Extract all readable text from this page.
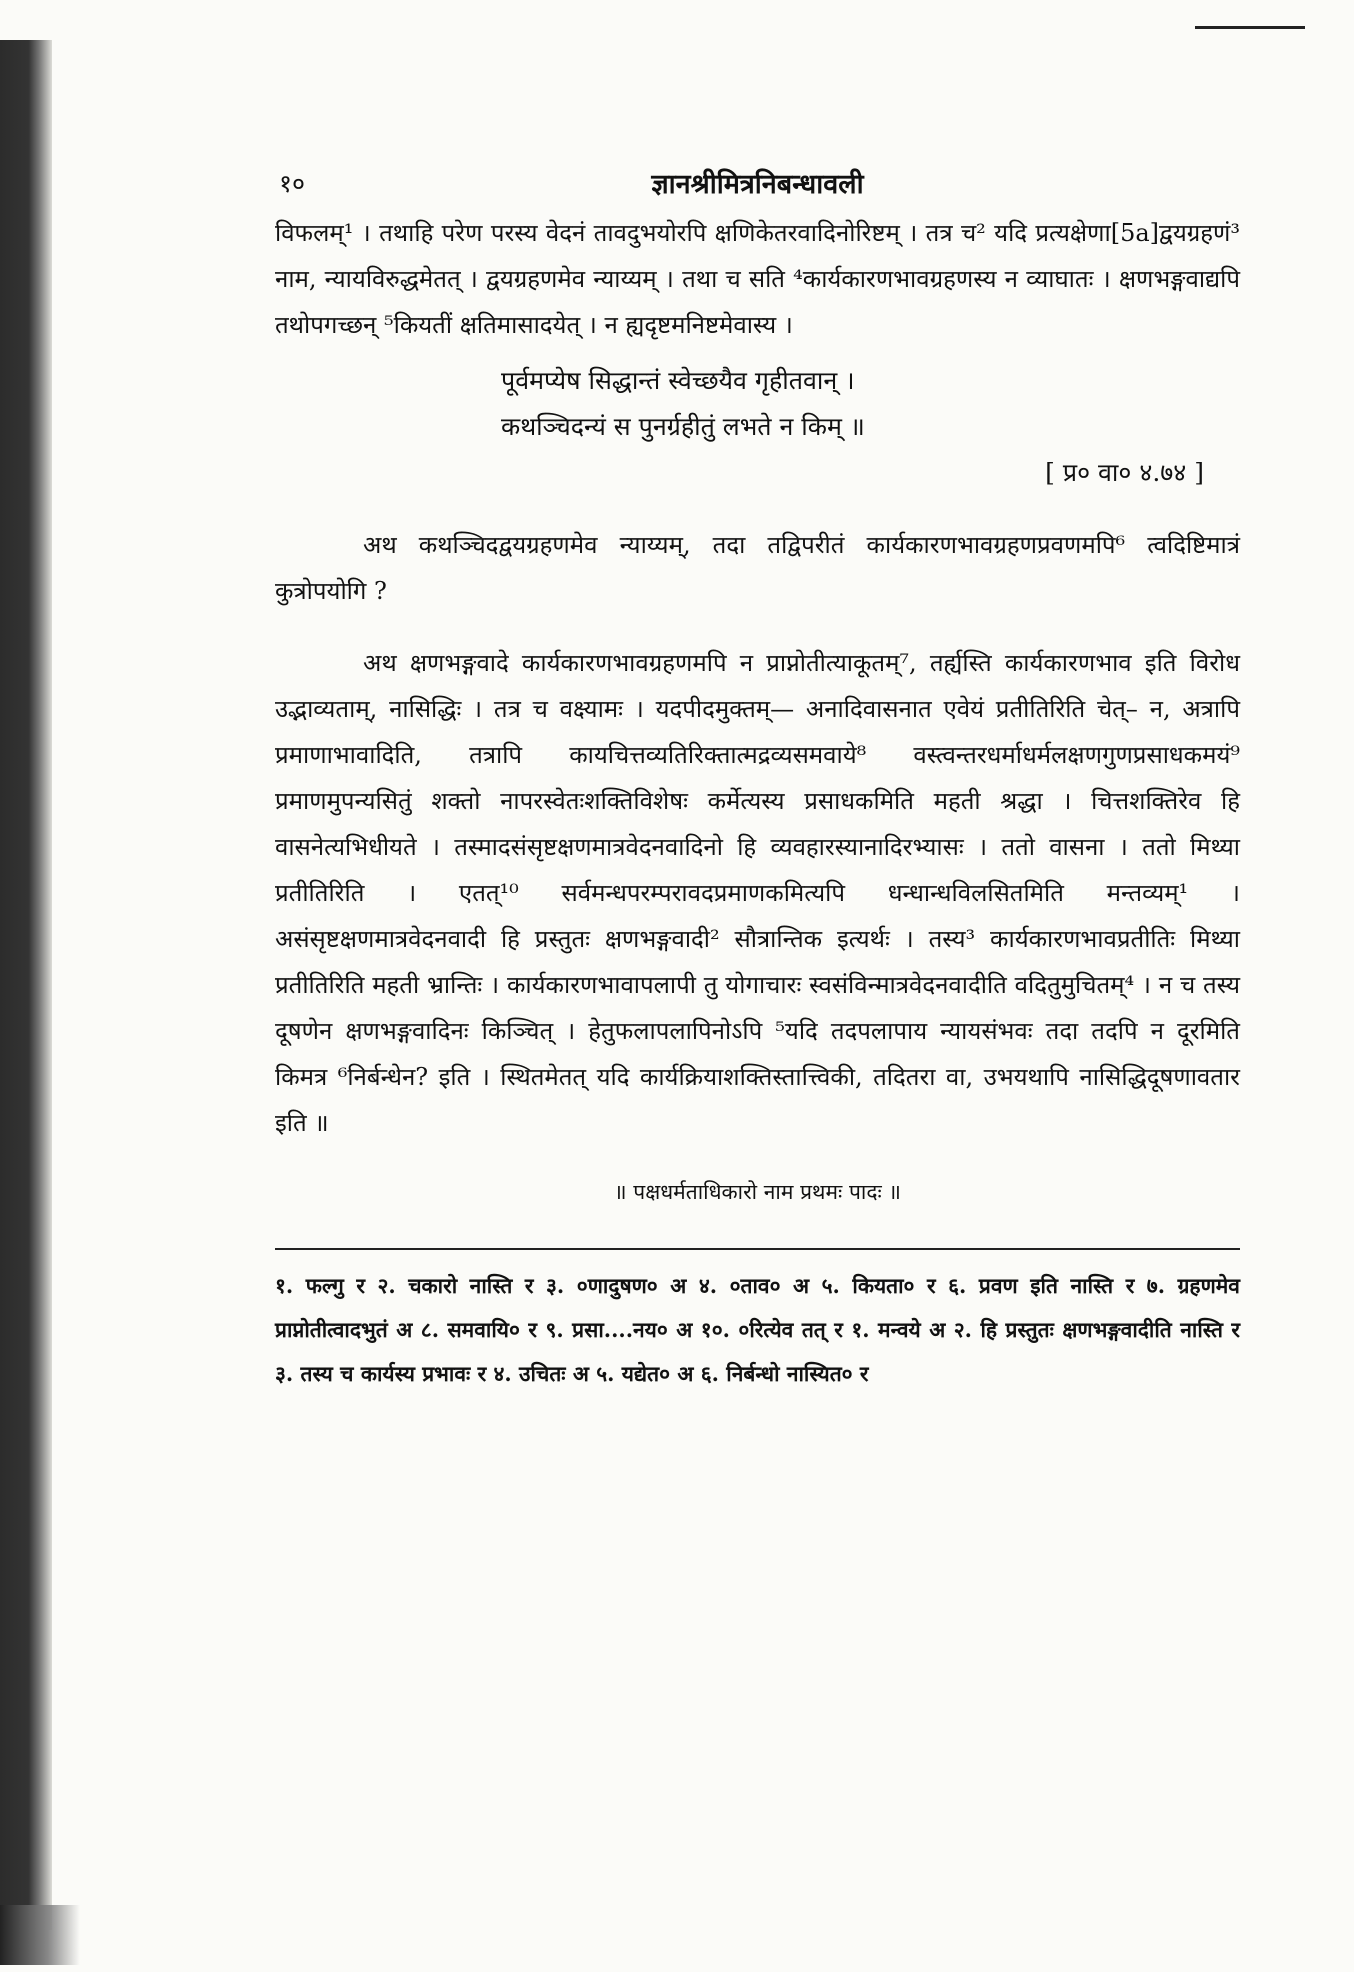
१०	ज्ञानश्रीमित्रनिबन्धावली

विफलम्¹ । तथाहि परेण परस्य वेदनं तावदुभयोरपि क्षणिकेतरवादिनोरिष्टम् । तत्र च² यदि प्रत्यक्षेणा[5a]द्वयग्रहणं³ नाम, न्यायविरुद्धमेतत् । द्वयग्रहणमेव न्याय्यम् । तथा च सति ⁴कार्यकारणभावग्रहणस्य न व्याघातः । क्षणभङ्गवाद्यपि तथोपगच्छन् ⁵कियतीं क्षतिमासादयेत् । न ह्यदृष्टमनिष्टमेवास्य ।

पूर्वमप्येष सिद्धान्तं स्वेच्छयैव गृहीतवान् ।
कथञ्चिदन्यं स पुनर्ग्रहीतुं लभते न किम् ॥
[ प्र० वा० ४.७४ ]

अथ कथञ्चिदद्वयग्रहणमेव न्याय्यम्, तदा तद्विपरीतं कार्यकारणभावग्रहणप्रवणमपि⁶ त्वदिष्टिमात्रं कुत्रोपयोगि ?

अथ क्षणभङ्गवादे कार्यकारणभावग्रहणमपि न प्राप्नोतीत्याकूतम्⁷, तर्ह्यस्ति कार्यकारणभाव इति विरोध उद्भाव्यताम्, नासिद्धिः । तत्र च वक्ष्यामः । यदपीदमुक्तम्— अनादिवासनात एवेयं प्रतीतिरिति चेत्– न, अत्रापि प्रमाणाभावादिति, तत्रापि कायचित्तव्यतिरिक्तात्मद्रव्यसमवाये⁸ वस्त्वन्तरधर्माधर्मलक्षणगुणप्रसाधकमयं⁹ प्रमाणमुपन्यसितुं शक्तो नापरस्वेतःशक्तिविशेषः कर्मेत्यस्य प्रसाधकमिति महती श्रद्धा । चित्तशक्तिरेव हि वासनेत्यभिधीयते । तस्मादसंसृष्टक्षणमात्रवेदनवादिनो हि व्यवहारस्यानादिरभ्यासः । ततो वासना । ततो मिथ्या प्रतीतिरिति । एतत्¹⁰ सर्वमन्धपरम्परावदप्रमाणकमित्यपि धन्धान्धविलसितमिति मन्तव्यम्¹ । असंसृष्टक्षणमात्रवेदनवादी हि प्रस्तुतः क्षणभङ्गवादी² सौत्रान्तिक इत्यर्थः । तस्य³ कार्यकारणभावप्रतीतिः मिथ्या प्रतीतिरिति महती भ्रान्तिः । कार्यकारणभावापलापी तु योगाचारः स्वसंविन्मात्रवेदनवादीति वदितुमुचितम्⁴ । न च तस्य दूषणेन क्षणभङ्गवादिनः किञ्चित् । हेतुफलापलापिनोऽपि ⁵यदि तदपलापाय न्यायसंभवः तदा तदपि न दूरमिति किमत्र ⁶निर्बन्धेन? इति । स्थितमेतत् यदि कार्यक्रियाशक्तिस्तात्त्विकी, तदितरा वा, उभयथापि नासिद्धिदूषणावतार इति ॥

॥ पक्षधर्मताधिकारो नाम प्रथमः पादः ॥
१. फल्गु र २. चकारो नास्ति र ३. ०णादुषण० अ ४. ०ताव० अ ५. कियता० र ६. प्रवण इति नास्ति र ७. ग्रहणमेव प्राप्नोतीत्वादभुतं अ ८. समवायि० र ९. प्रसा....नय० अ १०. ०रित्येव तत् र १. मन्वये अ २. हि प्रस्तुतः क्षणभङ्गवादीति नास्ति र ३. तस्य च कार्यस्य प्रभावः र ४. उचितः अ ५. यद्येत० अ ६. निर्बन्धो नास्यित० र
